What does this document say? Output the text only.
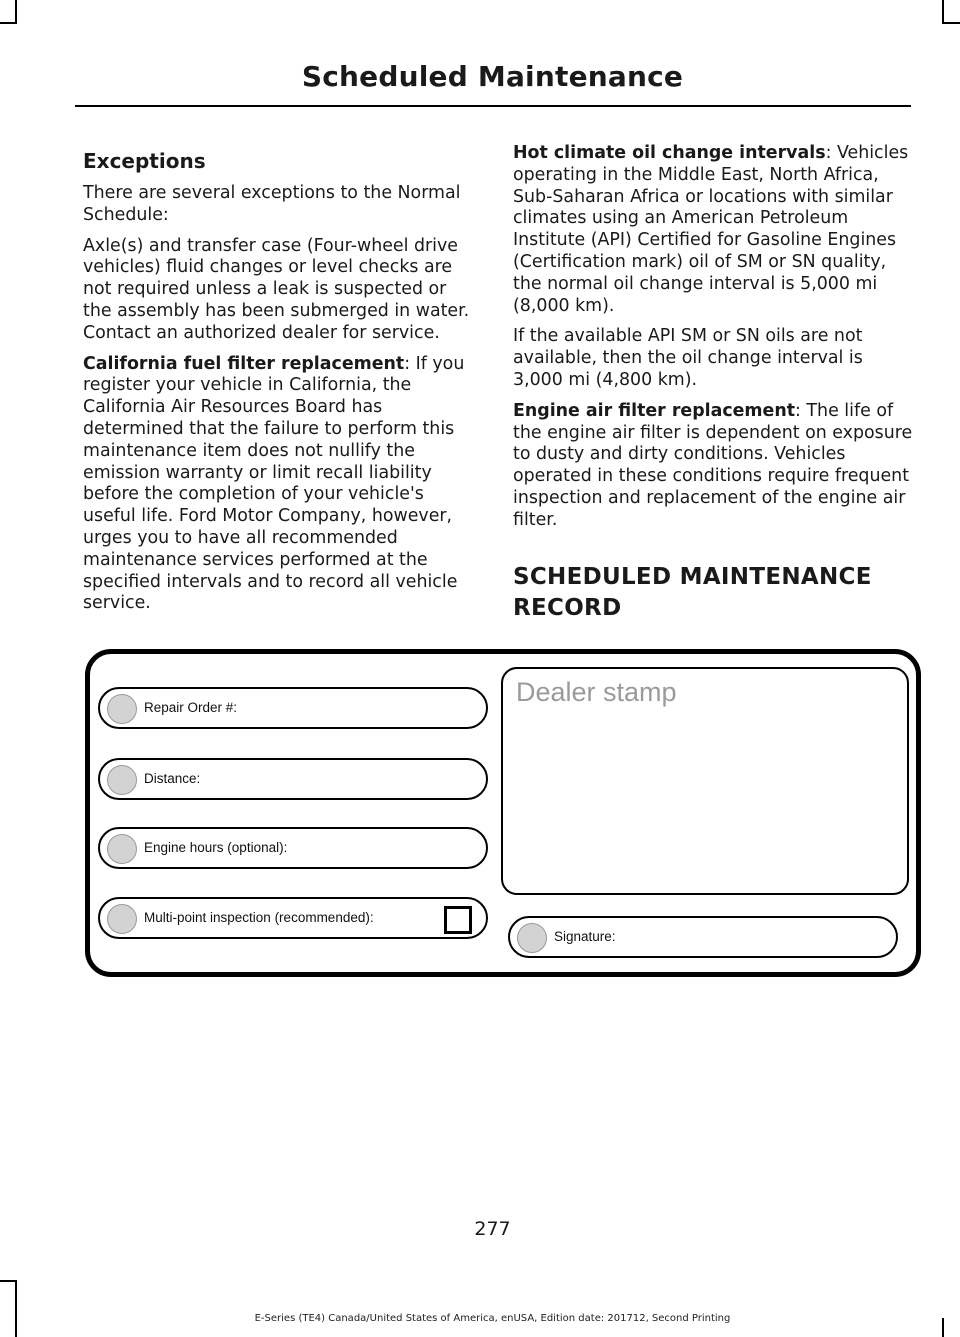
Scheduled Maintenance
Exceptions

There are several exceptions to the Normal Schedule:

Axle(s) and transfer case (Four-wheel drive vehicles) fluid changes or level checks are not required unless a leak is suspected or the assembly has been submerged in water. Contact an authorized dealer for service.

California fuel filter replacement: If you register your vehicle in California, the California Air Resources Board has determined that the failure to perform this maintenance item does not nullify the emission warranty or limit recall liability before the completion of your vehicle's useful life. Ford Motor Company, however, urges you to have all recommended maintenance services performed at the specified intervals and to record all vehicle service.

Hot climate oil change intervals: Vehicles operating in the Middle East, North Africa, Sub-Saharan Africa or locations with similar climates using an American Petroleum Institute (API) Certified for Gasoline Engines (Certification mark) oil of SM or SN quality, the normal oil change interval is 5,000 mi (8,000 km).

If the available API SM or SN oils are not available, then the oil change interval is 3,000 mi (4,800 km).

Engine air filter replacement: The life of the engine air filter is dependent on exposure to dusty and dirty conditions. Vehicles operated in these conditions require frequent inspection and replacement of the engine air filter.

SCHEDULED MAINTENANCE
RECORD
Repair Order #:
Distance:
Engine hours (optional):
Multi-point inspection (recommended):
Dealer stamp
Signature:
277
E-Series (TE4) Canada/United States of America, enUSA, Edition date: 201712, Second Printing
